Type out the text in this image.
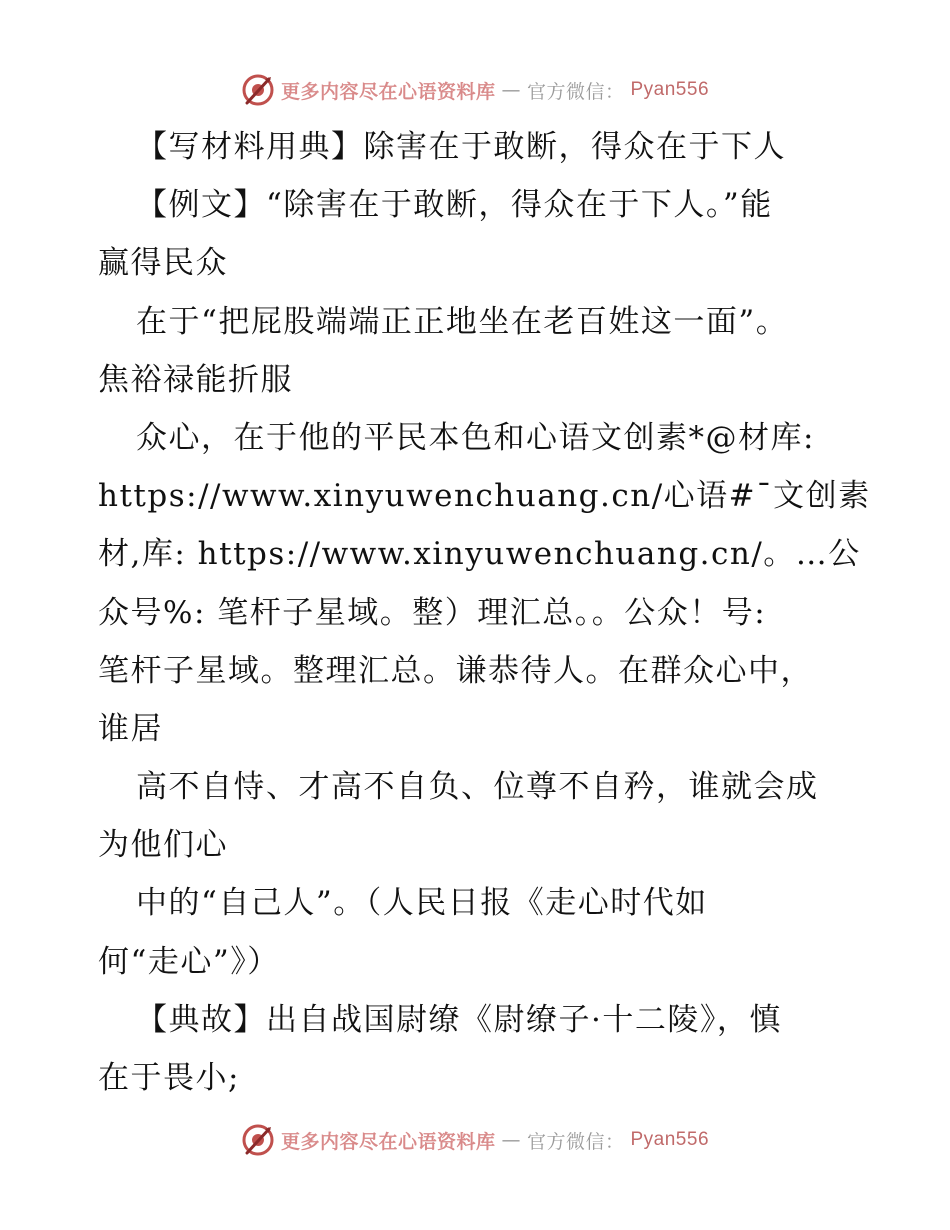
更多内容尽在心语资料库 — 官方微信： Pyan556
【写材料用典】除害在于敢断，得众在于下人
【例文】“除害在于敢断，得众在于下人。”能
赢得民众
在于“把屁股端端正正地坐在老百姓这一面”。
焦裕禄能折服
众心，在于他的平民本色和心语文创素*@材库:
https://www.xinyuwenchuang.cn/心语#¯文创素
材,库: https://www.xinyuwenchuang.cn/。…公
众号%: 笔杆子星域。整）理汇总。。公众！号:
笔杆子星域。整理汇总。谦恭待人。在群众心中，
谁居
高不自恃、才高不自负、位尊不自矜，谁就会成
为他们心
中的“自己人”。（人民日报《走心时代如
何“走心”》）
【典故】出自战国尉缭《尉缭子·十二陵》，慎
在于畏小;
更多内容尽在心语资料库 — 官方微信： Pyan556
